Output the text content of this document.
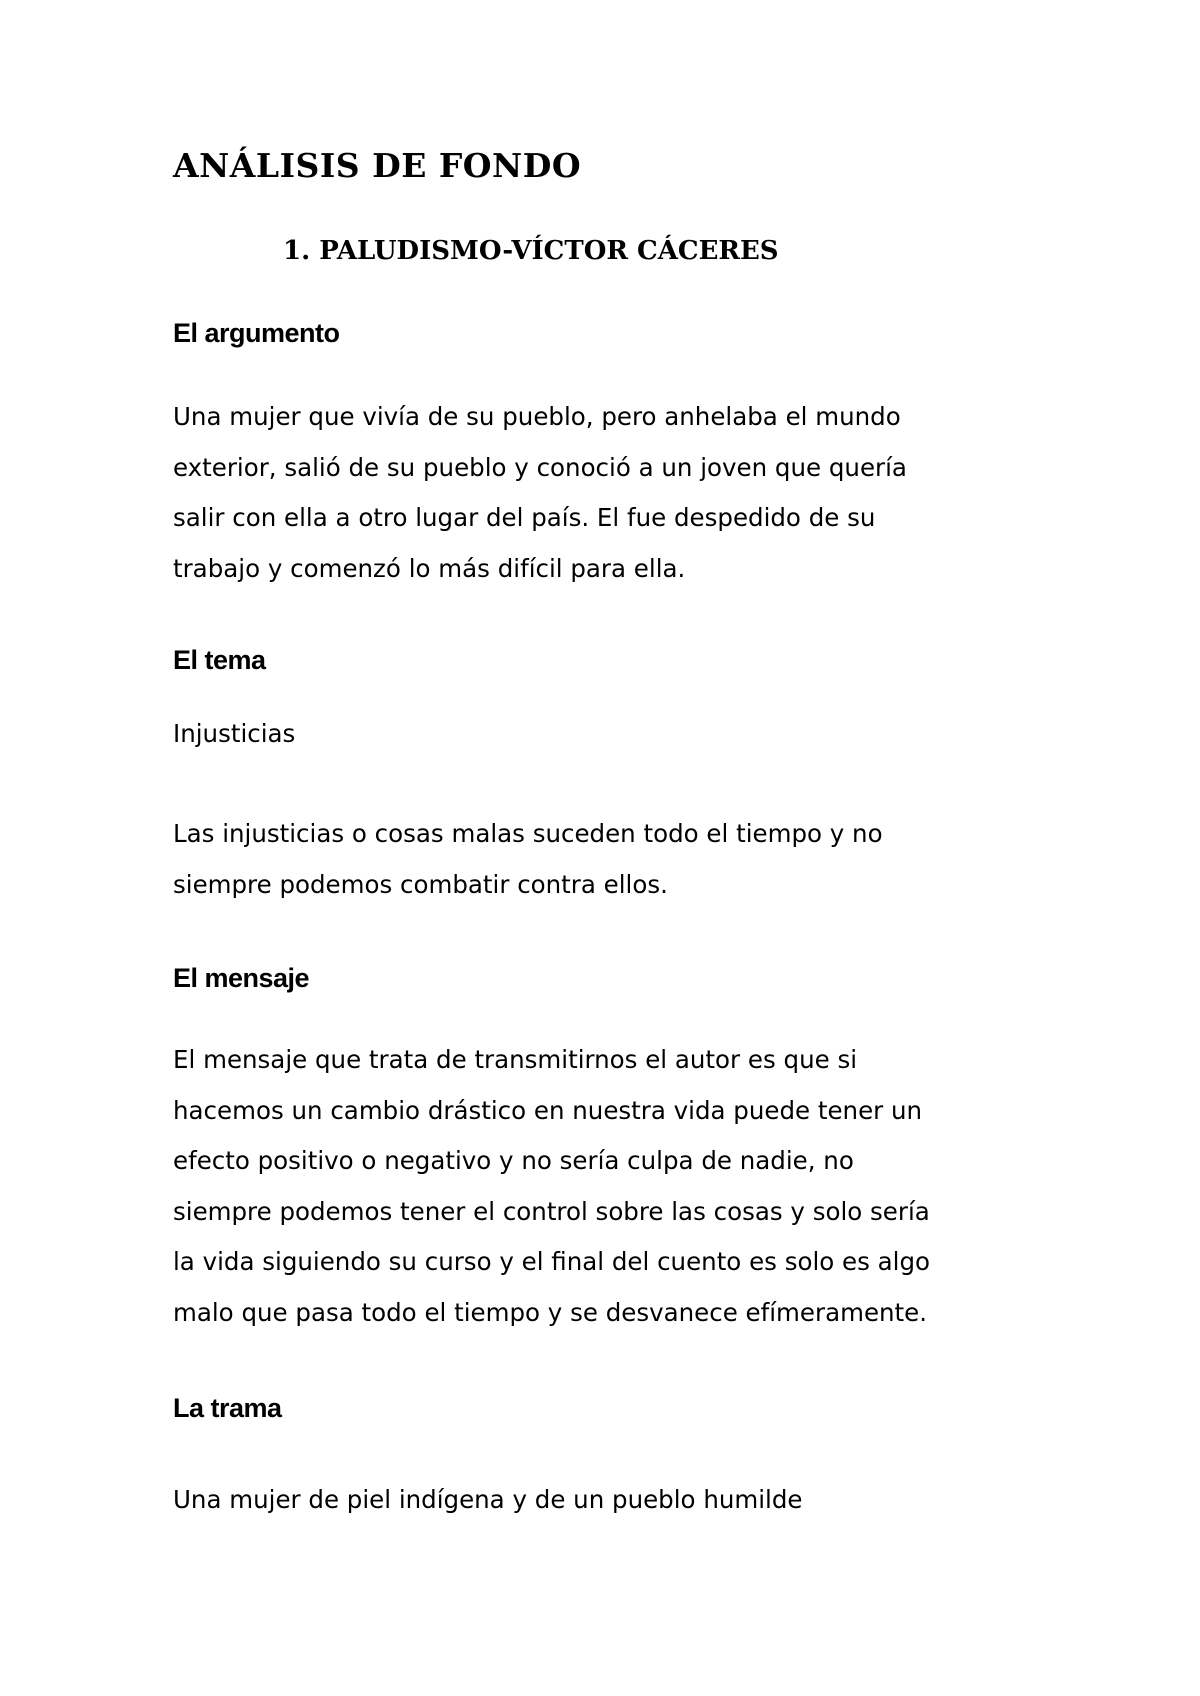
ANÁLISIS DE FONDO
1. PALUDISMO-VÍCTOR CÁCERES
El argumento
Una mujer que vivía de su pueblo, pero anhelaba el mundo
exterior, salió de su pueblo y conoció a un joven que quería
salir con ella a otro lugar del país. El fue despedido de su
trabajo y comenzó lo más difícil para ella.
El tema
Injusticias
Las injusticias o cosas malas suceden todo el tiempo y no
siempre podemos combatir contra ellos.
El mensaje
El mensaje que trata de transmitirnos el autor es que si
hacemos un cambio drástico en nuestra vida puede tener un
efecto positivo o negativo y no sería culpa de nadie, no
siempre podemos tener el control sobre las cosas y solo sería
la vida siguiendo su curso y el final del cuento es solo es algo
malo que pasa todo el tiempo y se desvanece efímeramente.
La trama
Una mujer de piel indígena y de un pueblo humilde
